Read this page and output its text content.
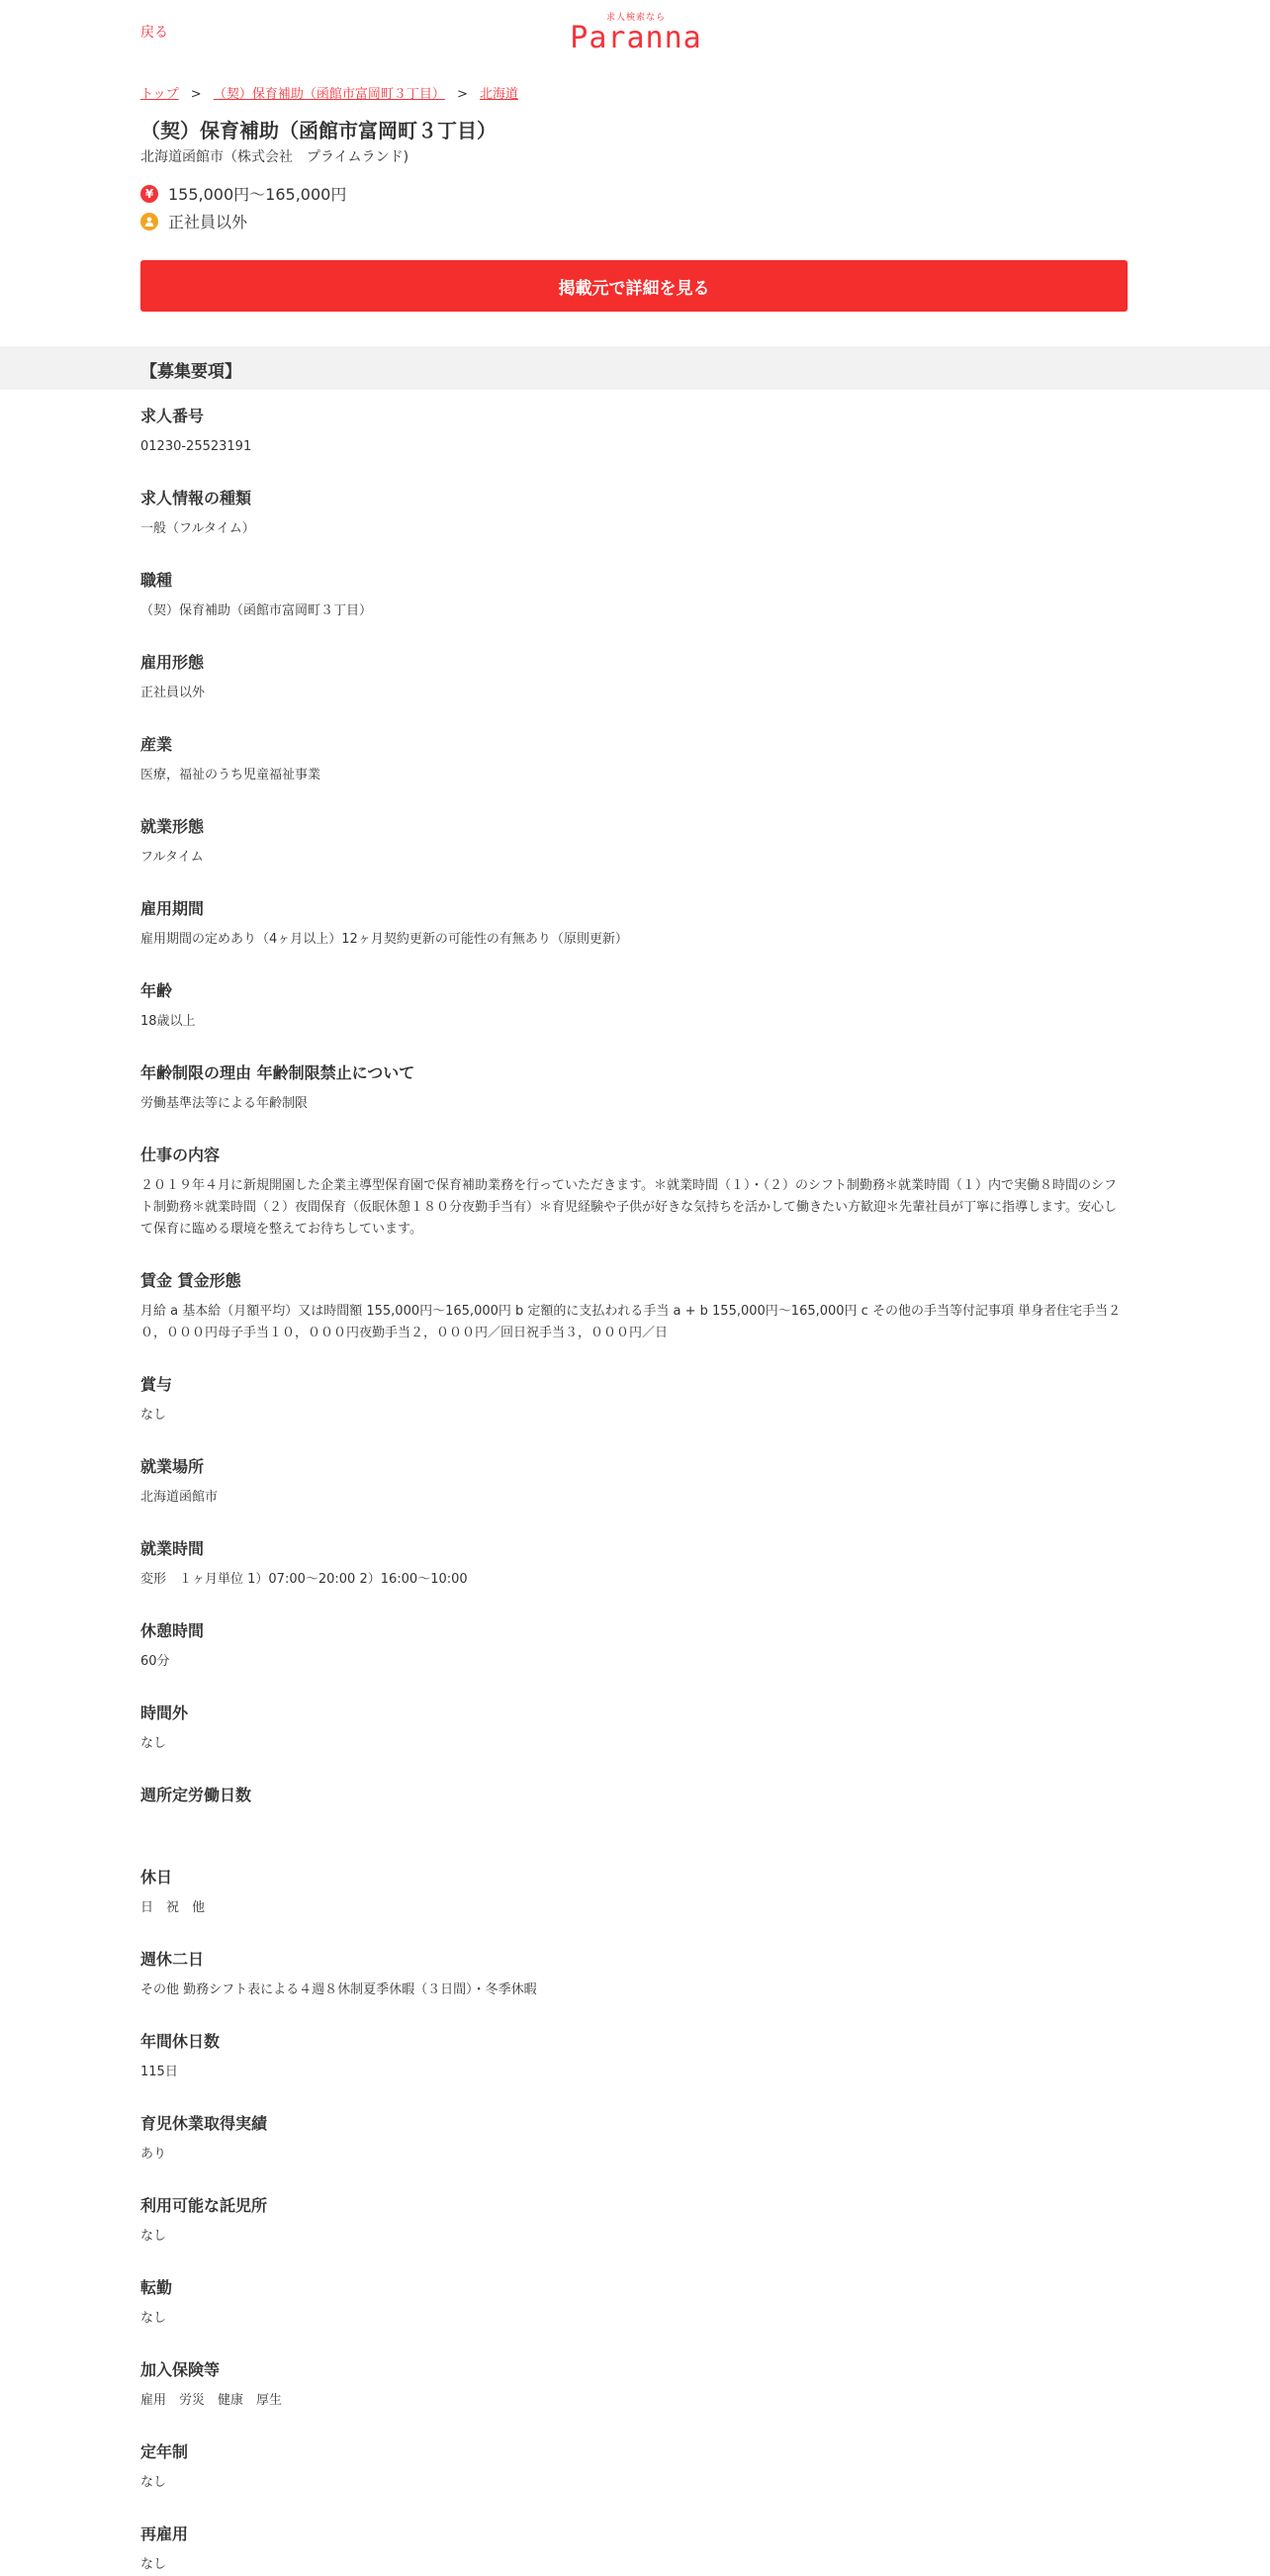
戻る
求人検索なら
Paranna
トップ > （契）保育補助（函館市富岡町３丁目） > 北海道
（契）保育補助（函館市富岡町３丁目）
北海道函館市（株式会社　プライムランド)
¥ 155,000円～165,000円
正社員以外
掲載元で詳細を見る
【募集要項】
求人番号

01230-25523191

求人情報の種類

一般（フルタイム）

職種

（契）保育補助（函館市富岡町３丁目）

雇用形態

正社員以外

産業

医療，福祉のうち児童福祉事業

就業形態

フルタイム

雇用期間

雇用期間の定めあり（4ヶ月以上）12ヶ月契約更新の可能性の有無あり（原則更新）

年齢

18歳以上

年齢制限の理由 年齢制限禁止について

労働基準法等による年齢制限

仕事の内容

２０１９年４月に新規開園した企業主導型保育園で保育補助業務を行っていただきます。＊就業時間（１）・（２）のシフト制勤務＊就業時間（１）内で実働８時間のシフト制勤務＊就業時間（２）夜間保育（仮眠休憩１８０分夜勤手当有）＊育児経験や子供が好きな気持ちを活かして働きたい方歓迎＊先輩社員が丁寧に指導します。安心して保育に臨める環境を整えてお待ちしています。

賃金 賃金形態

月給 a 基本給（月額平均）又は時間額 155,000円～165,000円 b 定額的に支払われる手当 a + b 155,000円～165,000円 c その他の手当等付記事項 単身者住宅手当２０，０００円母子手当１０，０００円夜勤手当２，０００円／回日祝手当３，０００円／日

賞与

なし

就業場所

北海道函館市

就業時間

変形　１ヶ月単位 1）07:00～20:00 2）16:00～10:00

休憩時間

60分

時間外

なし

週所定労働日数

休日

日　祝　他

週休二日

その他 勤務シフト表による４週８休制夏季休暇（３日間）・冬季休暇

年間休日数

115日

育児休業取得実績

あり

利用可能な託児所

なし

転勤

なし

加入保険等

雇用　労災　健康　厚生

定年制

なし

再雇用

なし
